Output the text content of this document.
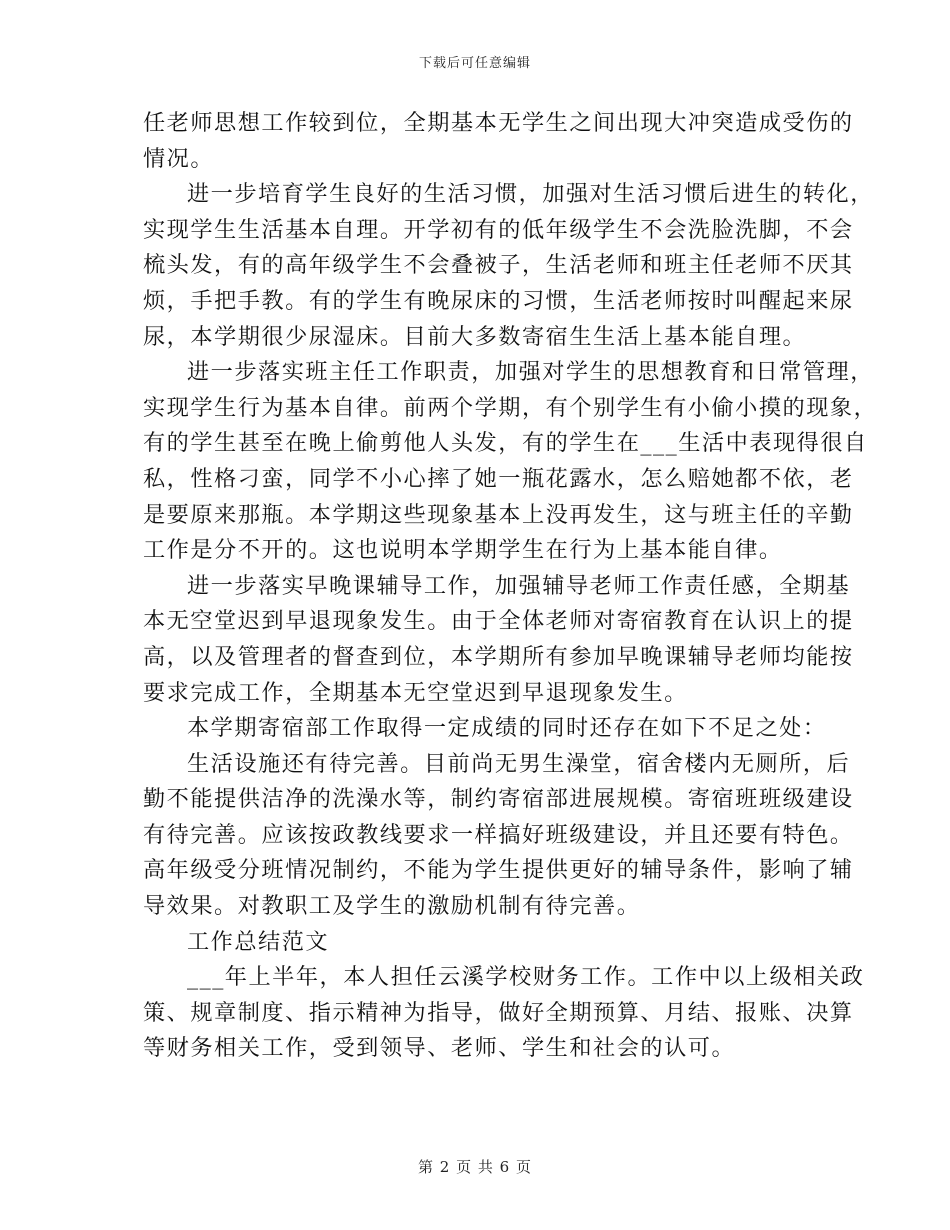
下载后可任意编辑
任老师思想工作较到位，全期基本无学生之间出现大冲突造成受伤的
情况。
进一步培育学生良好的生活习惯，加强对生活习惯后进生的转化，
实现学生生活基本自理。开学初有的低年级学生不会洗脸洗脚，不会
梳头发，有的高年级学生不会叠被子，生活老师和班主任老师不厌其
烦，手把手教。有的学生有晚尿床的习惯，生活老师按时叫醒起来尿
尿，本学期很少尿湿床。目前大多数寄宿生生活上基本能自理。
进一步落实班主任工作职责，加强对学生的思想教育和日常管理，
实现学生行为基本自律。前两个学期，有个别学生有小偷小摸的现象，
有的学生甚至在晚上偷剪他人头发，有的学生在___生活中表现得很自
私，性格刁蛮，同学不小心摔了她一瓶花露水，怎么赔她都不依，老
是要原来那瓶。本学期这些现象基本上没再发生，这与班主任的辛勤
工作是分不开的。这也说明本学期学生在行为上基本能自律。
进一步落实早晚课辅导工作，加强辅导老师工作责任感，全期基
本无空堂迟到早退现象发生。由于全体老师对寄宿教育在认识上的提
高，以及管理者的督查到位，本学期所有参加早晚课辅导老师均能按
要求完成工作，全期基本无空堂迟到早退现象发生。
本学期寄宿部工作取得一定成绩的同时还存在如下不足之处：
生活设施还有待完善。目前尚无男生澡堂，宿舍楼内无厕所，后
勤不能提供洁净的洗澡水等，制约寄宿部进展规模。寄宿班班级建设
有待完善。应该按政教线要求一样搞好班级建设，并且还要有特色。
高年级受分班情况制约，不能为学生提供更好的辅导条件，影响了辅
导效果。对教职工及学生的激励机制有待完善。
工作总结范文
___年上半年，本人担任云溪学校财务工作。工作中以上级相关政
策、规章制度、指示精神为指导，做好全期预算、月结、报账、决算
等财务相关工作，受到领导、老师、学生和社会的认可。
第 2 页 共 6 页
